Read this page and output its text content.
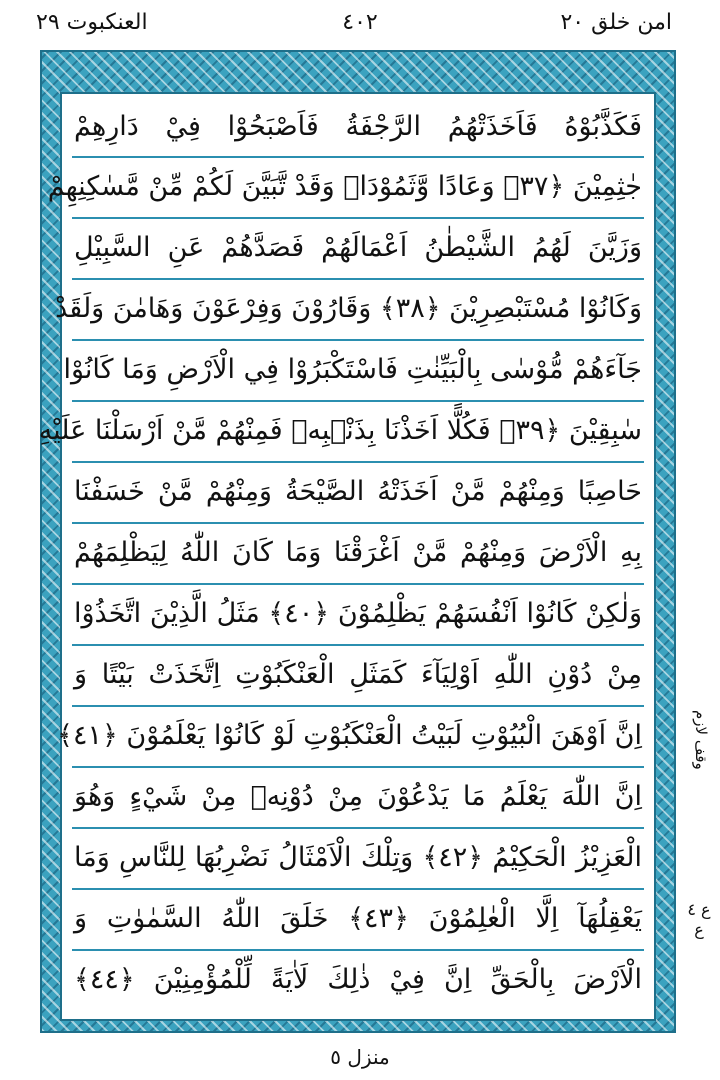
امن خلق ٢٠
٤٠٢
العنكبوت ٢٩
فَكَذَّبُوْهُ فَاَخَذَتْهُمُ الرَّجْفَةُ فَاَصْبَحُوْا فِيْ دَارِهِمْ
جٰثِمِيْنَ ﴿٣٧﴾ وَعَادًا وَّثَمُوْدَا۠ وَقَدْ تَّبَيَّنَ لَكُمْ مِّنْ مَّسٰكِنِهِمْ
وَزَيَّنَ لَهُمُ الشَّيْطٰنُ اَعْمَالَهُمْ فَصَدَّهُمْ عَنِ السَّبِيْلِ
وَكَانُوْا مُسْتَبْصِرِيْنَ ﴿٣٨﴾ وَقَارُوْنَ وَفِرْعَوْنَ وَهَامٰنَ وَلَقَدْ
جَآءَهُمْ مُّوْسٰى بِالْبَيِّنٰتِ فَاسْتَكْبَرُوْا فِي الْاَرْضِ وَمَا كَانُوْا
سٰبِقِيْنَ ﴿٣٩﴾ فَكُلًّا اَخَذْنَا بِذَنْۢبِهٖ فَمِنْهُمْ مَّنْ اَرْسَلْنَا عَلَيْهِ
حَاصِبًا وَمِنْهُمْ مَّنْ اَخَذَتْهُ الصَّيْحَةُ وَمِنْهُمْ مَّنْ خَسَفْنَا
بِهِ الْاَرْضَ وَمِنْهُمْ مَّنْ اَغْرَقْنَا وَمَا كَانَ اللّٰهُ لِيَظْلِمَهُمْ
وَلٰكِنْ كَانُوْا اَنْفُسَهُمْ يَظْلِمُوْنَ ﴿٤٠﴾ مَثَلُ الَّذِيْنَ اتَّخَذُوْا
مِنْ دُوْنِ اللّٰهِ اَوْلِيَآءَ كَمَثَلِ الْعَنْكَبُوْتِ اِتَّخَذَتْ بَيْتًا وَ
اِنَّ اَوْهَنَ الْبُيُوْتِ لَبَيْتُ الْعَنْكَبُوْتِ لَوْ كَانُوْا يَعْلَمُوْنَ ﴿٤١﴾
اِنَّ اللّٰهَ يَعْلَمُ مَا يَدْعُوْنَ مِنْ دُوْنِهٖ مِنْ شَيْءٍ وَهُوَ
الْعَزِيْزُ الْحَكِيْمُ ﴿٤٢﴾ وَتِلْكَ الْاَمْثَالُ نَضْرِبُهَا لِلنَّاسِ وَمَا
يَعْقِلُهَآ اِلَّا الْعٰلِمُوْنَ ﴿٤٣﴾ خَلَقَ اللّٰهُ السَّمٰوٰتِ وَ
الْاَرْضَ بِالْحَقِّ اِنَّ فِيْ ذٰلِكَ لَاٰيَةً لِّلْمُؤْمِنِيْنَ ﴿٤٤﴾
وقف لازم
ع ٤ ع
منزل ٥
